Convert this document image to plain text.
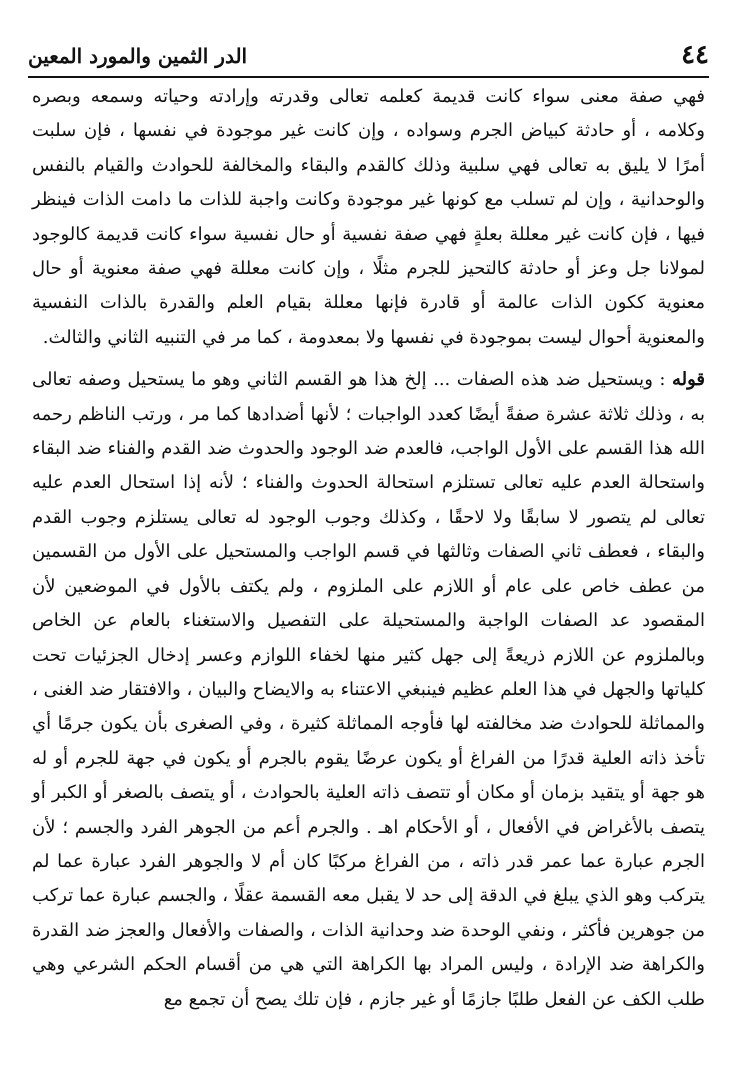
٤٤
الدر الثمين والمورد المعين

فهي صفة معنى سواء كانت قديمة كعلمه تعالى وقدرته وإرادته وحياته وسمعه وبصره وكلامه ، أو حادثة كبياض الجرم وسواده ، وإن كانت غير موجودة في نفسها ، فإن سلبت أمرًا لا يليق به تعالى فهي سلبية وذلك كالقدم والبقاء والمخالفة للحوادث والقيام بالنفس والوحدانية ، وإن لم تسلب مع كونها غير موجودة وكانت واجبة للذات ما دامت الذات فينظر فيها ، فإن كانت غير معللة بعلةٍ فهي صفة نفسية أو حال نفسية سواء كانت قديمة كالوجود لمولانا جل وعز أو حادثة كالتحيز للجرم مثلًا ، وإن كانت معللة فهي صفة معنوية أو حال معنوية ككون الذات عالمة أو قادرة فإنها معللة بقيام العلم والقدرة بالذات النفسية والمعنوية أحوال ليست بموجودة في نفسها ولا بمعدومة ، كما مر في التنبيه الثاني والثالث.

قوله : ويستحيل ضد هذه الصفات ... إلخ هذا هو القسم الثاني وهو ما يستحيل وصفه تعالى به ، وذلك ثلاثة عشرة صفةً أيضًا كعدد الواجبات ؛ لأنها أضدادها كما مر ، ورتب الناظم رحمه الله هذا القسم على الأول الواجب، فالعدم ضد الوجود والحدوث ضد القدم والفناء ضد البقاء واستحالة العدم عليه تعالى تستلزم استحالة الحدوث والفناء ؛ لأنه إذا استحال العدم عليه تعالى لم يتصور لا سابقًا ولا لاحقًا ، وكذلك وجوب الوجود له تعالى يستلزم وجوب القدم والبقاء ، فعطف ثاني الصفات وثالثها في قسم الواجب والمستحيل على الأول من القسمين من عطف خاص على عام أو اللازم على الملزوم ، ولم يكتف بالأول في الموضعين لأن المقصود عد الصفات الواجبة والمستحيلة على التفصيل والاستغناء بالعام عن الخاص وبالملزوم عن اللازم ذريعةً إلى جهل كثير منها لخفاء اللوازم وعسر إدخال الجزئيات تحت كلياتها والجهل في هذا العلم عظيم فينبغي الاعتناء به والايضاح والبيان ، والافتقار ضد الغنى ، والمماثلة للحوادث ضد مخالفته لها فأوجه المماثلة كثيرة ، وفي الصغرى بأن يكون جرمًا أي تأخذ ذاته العلية قدرًا من الفراغ أو يكون عرضًا يقوم بالجرم أو يكون في جهة للجرم أو له هو جهة أو يتقيد بزمان أو مكان أو تتصف ذاته العلية بالحوادث ، أو يتصف بالصغر أو الكبر أو يتصف بالأغراض في الأفعال ، أو الأحكام اهـ . والجرم أعم من الجوهر الفرد والجسم ؛ لأن الجرم عبارة عما عمر قدر ذاته ، من الفراغ مركبًا كان أم لا والجوهر الفرد عبارة عما لم يتركب وهو الذي يبلغ في الدقة إلى حد لا يقبل معه القسمة عقلًا ، والجسم عبارة عما تركب من جوهرين فأكثر ، ونفي الوحدة ضد وحدانية الذات ، والصفات والأفعال والعجز ضد القدرة والكراهة ضد الإرادة ، وليس المراد بها الكراهة التي هي من أقسام الحكم الشرعي وهي طلب الكف عن الفعل طلبًا جازمًا أو غير جازم ، فإن تلك يصح أن تجمع مع
